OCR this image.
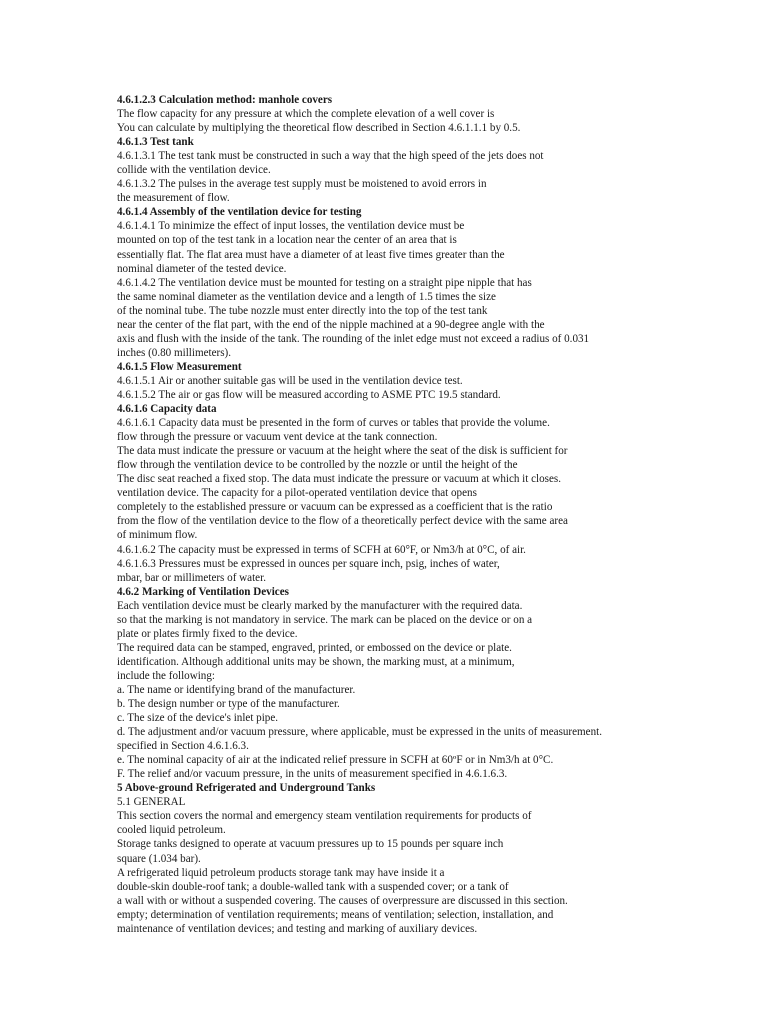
4.6.1.2.3 Calculation method: manhole covers
The flow capacity for any pressure at which the complete elevation of a well cover is
You can calculate by multiplying the theoretical flow described in Section 4.6.1.1.1 by 0.5.
4.6.1.3 Test tank
4.6.1.3.1 The test tank must be constructed in such a way that the high speed of the jets does not
collide with the ventilation device.
4.6.1.3.2 The pulses in the average test supply must be moistened to avoid errors in
the measurement of flow.
4.6.1.4 Assembly of the ventilation device for testing
4.6.1.4.1 To minimize the effect of input losses, the ventilation device must be
mounted on top of the test tank in a location near the center of an area that is
essentially flat. The flat area must have a diameter of at least five times greater than the
nominal diameter of the tested device.
4.6.1.4.2 The ventilation device must be mounted for testing on a straight pipe nipple that has
the same nominal diameter as the ventilation device and a length of 1.5 times the size
of the nominal tube. The tube nozzle must enter directly into the top of the test tank
near the center of the flat part, with the end of the nipple machined at a 90-degree angle with the
axis and flush with the inside of the tank. The rounding of the inlet edge must not exceed a radius of 0.031
inches (0.80 millimeters).
4.6.1.5 Flow Measurement
4.6.1.5.1 Air or another suitable gas will be used in the ventilation device test.
4.6.1.5.2 The air or gas flow will be measured according to ASME PTC 19.5 standard.
4.6.1.6 Capacity data
4.6.1.6.1 Capacity data must be presented in the form of curves or tables that provide the volume.
flow through the pressure or vacuum vent device at the tank connection.
The data must indicate the pressure or vacuum at the height where the seat of the disk is sufficient for
flow through the ventilation device to be controlled by the nozzle or until the height of the
The disc seat reached a fixed stop. The data must indicate the pressure or vacuum at which it closes.
ventilation device. The capacity for a pilot-operated ventilation device that opens
completely to the established pressure or vacuum can be expressed as a coefficient that is the ratio
from the flow of the ventilation device to the flow of a theoretically perfect device with the same area
of minimum flow.
4.6.1.6.2 The capacity must be expressed in terms of SCFH at 60°F, or Nm3/h at 0°C, of air.
4.6.1.6.3 Pressures must be expressed in ounces per square inch, psig, inches of water,
mbar, bar or millimeters of water.
4.6.2 Marking of Ventilation Devices
Each ventilation device must be clearly marked by the manufacturer with the required data.
so that the marking is not mandatory in service. The mark can be placed on the device or on a
plate or plates firmly fixed to the device.
The required data can be stamped, engraved, printed, or embossed on the device or plate.
identification. Although additional units may be shown, the marking must, at a minimum,
include the following:
a. The name or identifying brand of the manufacturer.
b. The design number or type of the manufacturer.
c. The size of the device's inlet pipe.
d. The adjustment and/or vacuum pressure, where applicable, must be expressed in the units of measurement.
specified in Section 4.6.1.6.3.
e. The nominal capacity of air at the indicated relief pressure in SCFH at 60ºF or in Nm3/h at 0°C.
F. The relief and/or vacuum pressure, in the units of measurement specified in 4.6.1.6.3.
5 Above-ground Refrigerated and Underground Tanks
5.1 GENERAL
This section covers the normal and emergency steam ventilation requirements for products of
cooled liquid petroleum.
Storage tanks designed to operate at vacuum pressures up to 15 pounds per square inch
square (1.034 bar).
A refrigerated liquid petroleum products storage tank may have inside it a
double-skin double-roof tank; a double-walled tank with a suspended cover; or a tank of
a wall with or without a suspended covering. The causes of overpressure are discussed in this section.
empty; determination of ventilation requirements; means of ventilation; selection, installation, and
maintenance of ventilation devices; and testing and marking of auxiliary devices.
